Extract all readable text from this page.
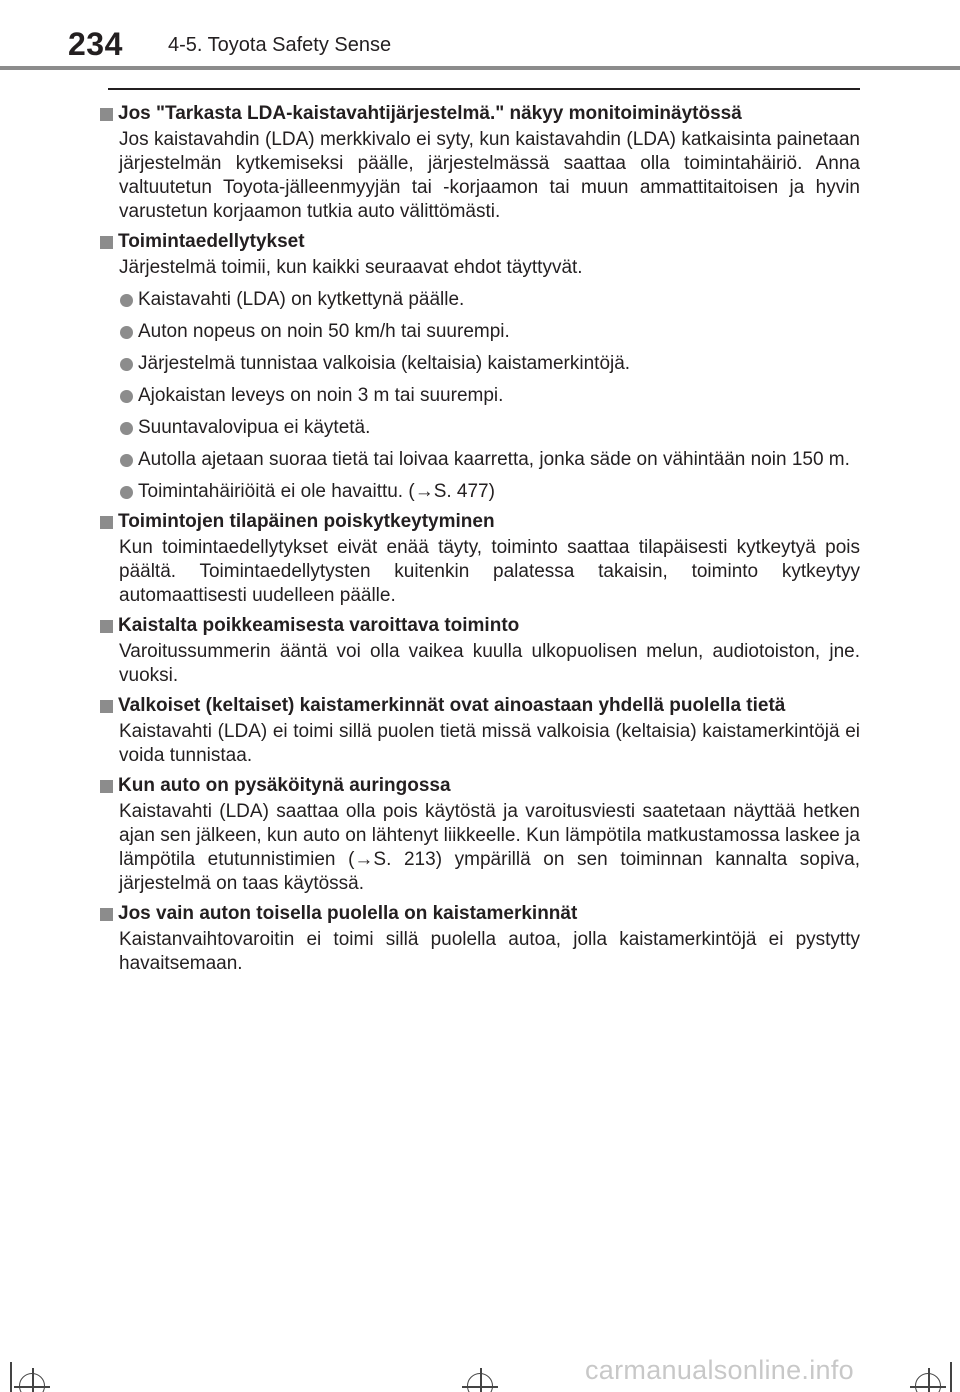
234 4-5. Toyota Safety Sense
Jos "Tarkasta LDA-kaistavahtijärjestelmä." näkyy monitoiminäytössä
Jos kaistavahdin (LDA) merkkivalo ei syty, kun kaistavahdin (LDA) katkaisinta painetaan järjestelmän kytkemiseksi päälle, järjestelmässä saattaa olla toimintahäiriö. Anna valtuutetun Toyota-jälleenmyyjän tai -korjaamon tai muun ammattitaitoisen ja hyvin varustetun korjaamon tutkia auto välittömästi.
Toimintaedellytykset
Järjestelmä toimii, kun kaikki seuraavat ehdot täyttyvät.
Kaistavahti (LDA) on kytkettynä päälle.
Auton nopeus on noin 50 km/h tai suurempi.
Järjestelmä tunnistaa valkoisia (keltaisia) kaistamerkintöjä.
Ajokaistan leveys on noin 3 m tai suurempi.
Suuntavalovipua ei käytetä.
Autolla ajetaan suoraa tietä tai loivaa kaarretta, jonka säde on vähintään noin 150 m.
Toimintahäiriöitä ei ole havaittu. (→S. 477)
Toimintojen tilapäinen poiskytkeytyminen
Kun toimintaedellytykset eivät enää täyty, toiminto saattaa tilapäisesti kytkeytyä pois päältä. Toimintaedellytysten kuitenkin palatessa takaisin, toiminto kytkeytyy automaattisesti uudelleen päälle.
Kaistalta poikkeamisesta varoittava toiminto
Varoitussummerin ääntä voi olla vaikea kuulla ulkopuolisen melun, audiotoiston, jne. vuoksi.
Valkoiset (keltaiset) kaistamerkinnät ovat ainoastaan yhdellä puolella tietä
Kaistavahti (LDA) ei toimi sillä puolen tietä missä valkoisia (keltaisia) kaistamerkintöjä ei voida tunnistaa.
Kun auto on pysäköitynä auringossa
Kaistavahti (LDA) saattaa olla pois käytöstä ja varoitusviesti saatetaan näyttää hetken ajan sen jälkeen, kun auto on lähtenyt liikkeelle. Kun lämpötila matkustamossa laskee ja lämpötila etutunnistimien (→S. 213) ympärillä on sen toiminnan kannalta sopiva, järjestelmä on taas käytössä.
Jos vain auton toisella puolella on kaistamerkinnät
Kaistanvaihtovaroitin ei toimi sillä puolella autoa, jolla kaistamerkintöjä ei pystytty havaitsemaan.
carmanualsonline.info
